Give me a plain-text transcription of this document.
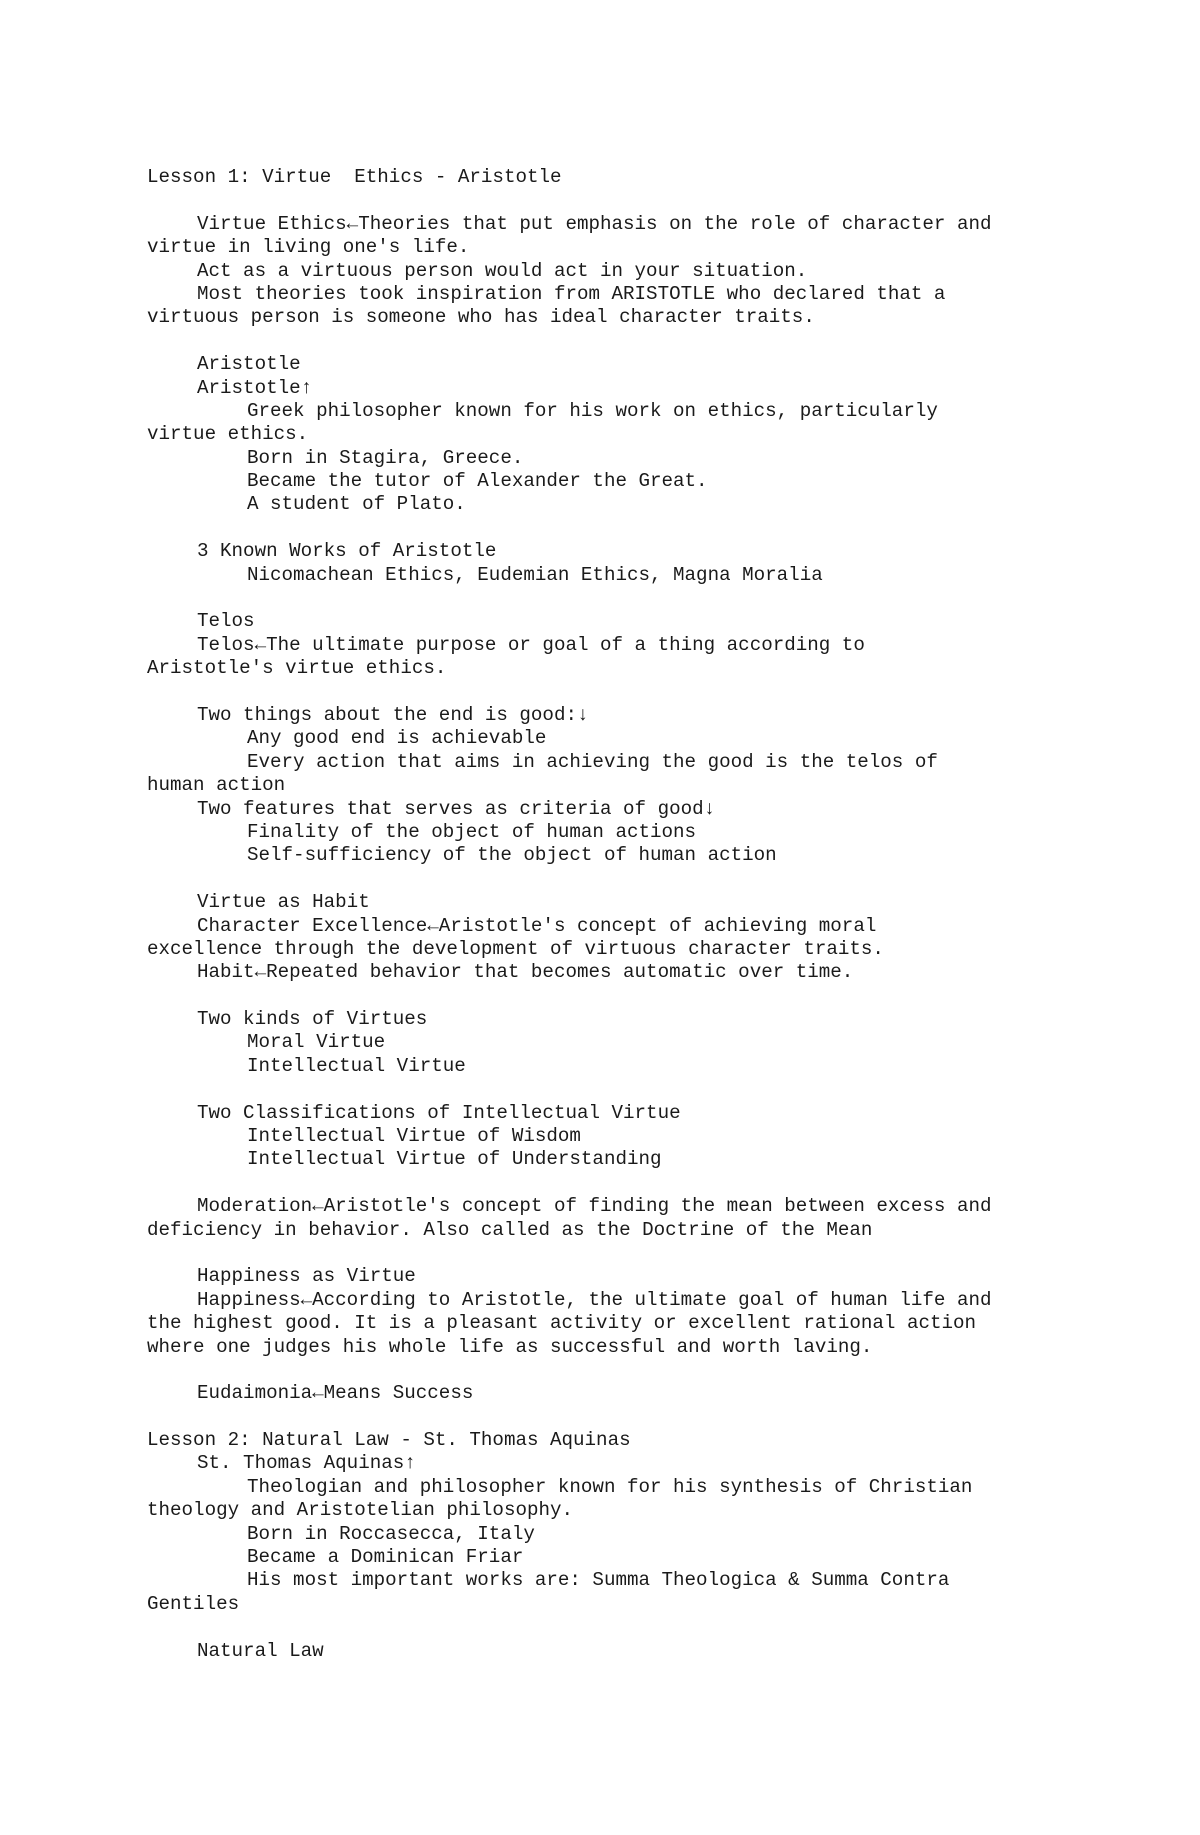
Lesson 1: Virtue  Ethics - Aristotle
Virtue Ethics←Theories that put emphasis on the role of character and
virtue in living one's life.
Act as a virtuous person would act in your situation.
Most theories took inspiration from ARISTOTLE who declared that a
virtuous person is someone who has ideal character traits.
Aristotle
Aristotle↑
Greek philosopher known for his work on ethics, particularly
virtue ethics.
Born in Stagira, Greece.
Became the tutor of Alexander the Great.
A student of Plato.
3 Known Works of Aristotle
Nicomachean Ethics, Eudemian Ethics, Magna Moralia
Telos
Telos←The ultimate purpose or goal of a thing according to
Aristotle's virtue ethics.
Two things about the end is good:↓
Any good end is achievable
Every action that aims in achieving the good is the telos of
human action
Two features that serves as criteria of good↓
Finality of the object of human actions
Self-sufficiency of the object of human action
Virtue as Habit
Character Excellence←Aristotle's concept of achieving moral
excellence through the development of virtuous character traits.
Habit←Repeated behavior that becomes automatic over time.
Two kinds of Virtues
Moral Virtue
Intellectual Virtue
Two Classifications of Intellectual Virtue
Intellectual Virtue of Wisdom
Intellectual Virtue of Understanding
Moderation←Aristotle's concept of finding the mean between excess and
deficiency in behavior. Also called as the Doctrine of the Mean
Happiness as Virtue
Happiness←According to Aristotle, the ultimate goal of human life and
the highest good. It is a pleasant activity or excellent rational action
where one judges his whole life as successful and worth laving.
Eudaimonia←Means Success
Lesson 2: Natural Law - St. Thomas Aquinas
St. Thomas Aquinas↑
Theologian and philosopher known for his synthesis of Christian
theology and Aristotelian philosophy.
Born in Roccasecca, Italy
Became a Dominican Friar
His most important works are: Summa Theologica & Summa Contra
Gentiles
Natural Law
